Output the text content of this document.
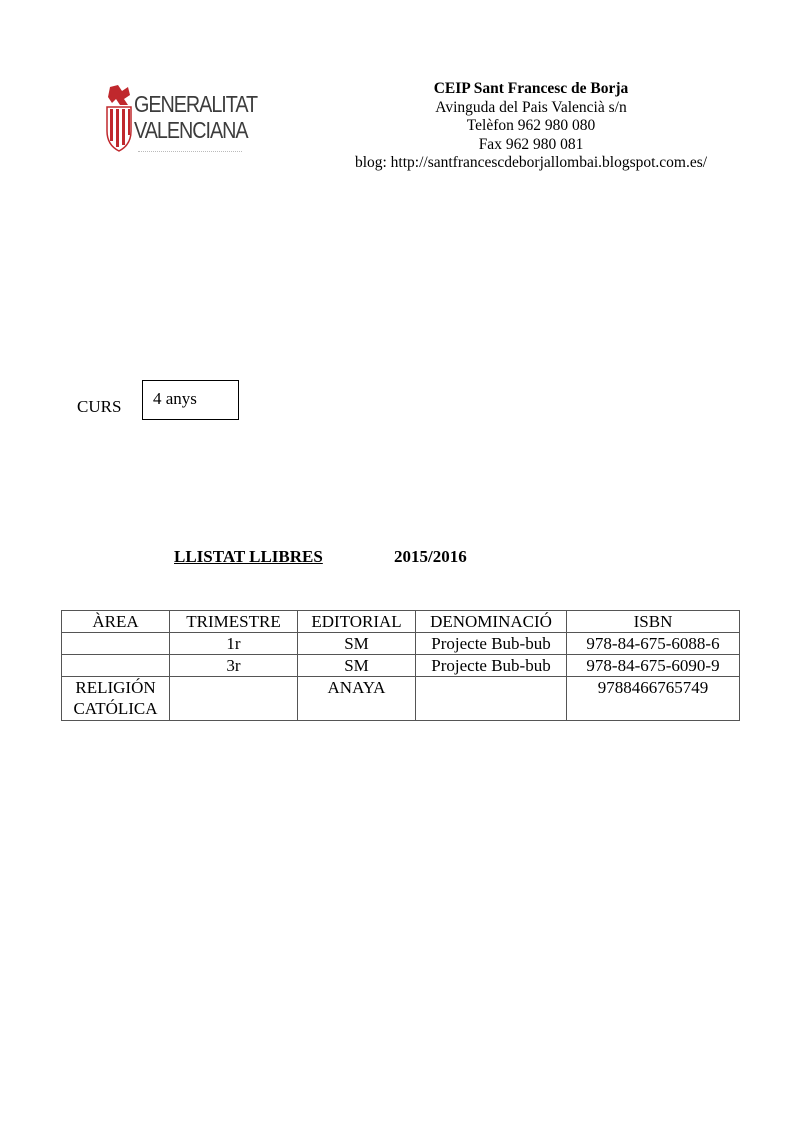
GENERALITAT
VALENCIANA
CEIP Sant Francesc de Borja
Avinguda del Pais Valencià s/n
Telèfon 962 980 080
Fax 962 980 081
blog: http://santfrancescdeborjallombai.blogspot.com.es/
CURS 4 anys
LLISTAT LLIBRES	2015/2016
ÀREA	TRIMESTRE	EDITORIAL	DENOMINACIÓ	ISBN
	1r	SM	Projecte Bub-bub	978-84-675-6088-6
	3r	SM	Projecte Bub-bub	978-84-675-6090-9
RELIGIÓN CATÓLICA		ANAYA		9788466765749
